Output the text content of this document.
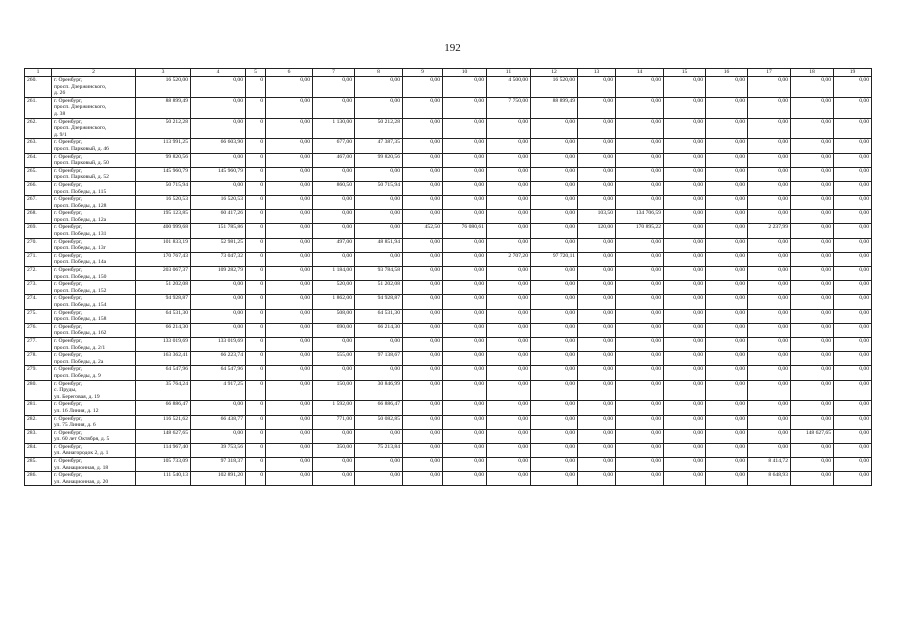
192
1	2	3	4	5	6	7	8	9	10	11	12	13	14	15	16	17	18	19
260.	г. Оренбург,
просп. Дзержинского,
д. 26	16 520,00	0,00	0	0,00	0,00	0,00	0,00	0,00	4 500,00	16 520,00	0,00	0,00	0,00	0,00	0,00	0,00	0,00
261.	г. Оренбург,
просп. Дзержинского,
д. 38	88 899,49	0,00	0	0,00	0,00	0,00	0,00	0,00	7 750,00	88 899,49	0,00	0,00	0,00	0,00	0,00	0,00	0,00
262.	г. Оренбург,
просп. Дзержинского,
д. 9/1	50 212,28	0,00	0	0,00	1 130,00	50 212,28	0,00	0,00	0,00	0,00	0,00	0,00	0,00	0,00	0,00	0,00	0,00
263.	г. Оренбург,
просп. Парковый, д. 46	113 991,25	66 603,90	0	0,00	677,00	47 387,35	0,00	0,00	0,00	0,00	0,00	0,00	0,00	0,00	0,00	0,00	0,00
264.	г. Оренбург,
просп. Парковый, д. 50	99 820,56	0,00	0	0,00	467,00	99 820,56	0,00	0,00	0,00	0,00	0,00	0,00	0,00	0,00	0,00	0,00	0,00
265.	г. Оренбург,
просп. Парковый, д. 52	145 960,79	145 960,79	0	0,00	0,00	0,00	0,00	0,00	0,00	0,00	0,00	0,00	0,00	0,00	0,00	0,00	0,00
266.	г. Оренбург,
просп. Победы, д. 115	50 715,94	0,00	0	0,00	860,50	50 715,94	0,00	0,00	0,00	0,00	0,00	0,00	0,00	0,00	0,00	0,00	0,00
267.	г. Оренбург,
просп. Победы, д. 128	16 520,53	16 520,53	0	0,00	0,00	0,00	0,00	0,00	0,00	0,00	0,00	0,00	0,00	0,00	0,00	0,00	0,00
268.	г. Оренбург,
просп. Победы, д. 12а	195 123,85	60 417,26	0	0,00	0,00	0,00	0,00	0,00	0,00	0,00	103,50	134 706,59	0,00	0,00	0,00	0,00	0,00
269.	г. Оренбург,
просп. Победы, д. 131	400 999,68	151 785,86	0	0,00	0,00	0,00	452,50	76 080,61	0,00	0,00	120,00	170 895,22	0,00	0,00	2 237,99	0,00	0,00
270.	г. Оренбург,
просп. Победы, д. 13г	101 833,19	52 981,25	0	0,00	497,00	48 851,94	0,00	0,00	0,00	0,00	0,00	0,00	0,00	0,00	0,00	0,00	0,00
271.	г. Оренбург,
просп. Победы, д. 14а	170 767,43	73 047,32	0	0,00	0,00	0,00	0,00	0,00	2 707,20	97 720,11	0,00	0,00	0,00	0,00	0,00	0,00	0,00
272.	г. Оренбург,
просп. Победы, д. 150	203 067,37	109 282,79	0	0,00	1 184,00	93 784,58	0,00	0,00	0,00	0,00	0,00	0,00	0,00	0,00	0,00	0,00	0,00
273.	г. Оренбург,
просп. Победы, д. 152	51 202,08	0,00	0	0,00	520,00	51 202,08	0,00	0,00	0,00	0,00	0,00	0,00	0,00	0,00	0,00	0,00	0,00
274.	г. Оренбург,
просп. Победы, д. 154	94 928,87	0,00	0	0,00	1 862,00	94 928,87	0,00	0,00	0,00	0,00	0,00	0,00	0,00	0,00	0,00	0,00	0,00
275.	г. Оренбург,
просп. Победы, д. 158	64 531,30	0,00	0	0,00	508,00	64 531,30	0,00	0,00	0,00	0,00	0,00	0,00	0,00	0,00	0,00	0,00	0,00
276.	г. Оренбург,
просп. Победы, д. 162	66 214,30	0,00	0	0,00	690,00	66 214,30	0,00	0,00	0,00	0,00	0,00	0,00	0,00	0,00	0,00	0,00	0,00
277.	г. Оренбург,
просп. Победы, д. 2/1	133 019,69	133 019,69	0	0,00	0,00	0,00	0,00	0,00	0,00	0,00	0,00	0,00	0,00	0,00	0,00	0,00	0,00
278.	г. Оренбург,
просп. Победы, д. 2а	163 362,41	66 223,74	0	0,00	555,00	97 138,67	0,00	0,00	0,00	0,00	0,00	0,00	0,00	0,00	0,00	0,00	0,00
279.	г. Оренбург,
просп. Победы, д. 9	64 547,96	64 547,96	0	0,00	0,00	0,00	0,00	0,00	0,00	0,00	0,00	0,00	0,00	0,00	0,00	0,00	0,00
280.	г. Оренбург,
с. Пруды,
ул. Береговая, д. 19	35 764,24	4 917,25	0	0,00	150,00	30 846,99	0,00	0,00	0,00	0,00	0,00	0,00	0,00	0,00	0,00	0,00	0,00
281.	г. Оренбург,
ул. 16 Линия, д. 12	66 886,47	0,00	0	0,00	1 592,00	66 886,47	0,00	0,00	0,00	0,00	0,00	0,00	0,00	0,00	0,00	0,00	0,00
282.	г. Оренбург,
ул. 75 Линия, д. 6	116 521,62	66 438,77	0	0,00	771,00	50 082,85	0,00	0,00	0,00	0,00	0,00	0,00	0,00	0,00	0,00	0,00	0,00
283.	г. Оренбург,
ул. 60 лет Октября, д. 5	148 627,65	0,00	0	0,00	0,00	0,00	0,00	0,00	0,00	0,00	0,00	0,00	0,00	0,00	0,00	148 627,65	0,00
284.	г. Оренбург,
ул. Авиагородок 2, д. 1	114 967,40	39 753,56	0	0,00	350,00	75 213,84	0,00	0,00	0,00	0,00	0,00	0,00	0,00	0,00	0,00	0,00	0,00
285.	г. Оренбург,
ул. Авиационная, д. 18	105 733,09	97 318,37	0	0,00	0,00	0,00	0,00	0,00	0,00	0,00	0,00	0,00	0,00	0,00	8 414,72	0,00	0,00
286.	г. Оренбург,
ул. Авиационная, д. 20	111 540,13	102 891,20	0	0,00	0,00	0,00	0,00	0,00	0,00	0,00	0,00	0,00	0,00	0,00	8 648,93	0,00	0,00
